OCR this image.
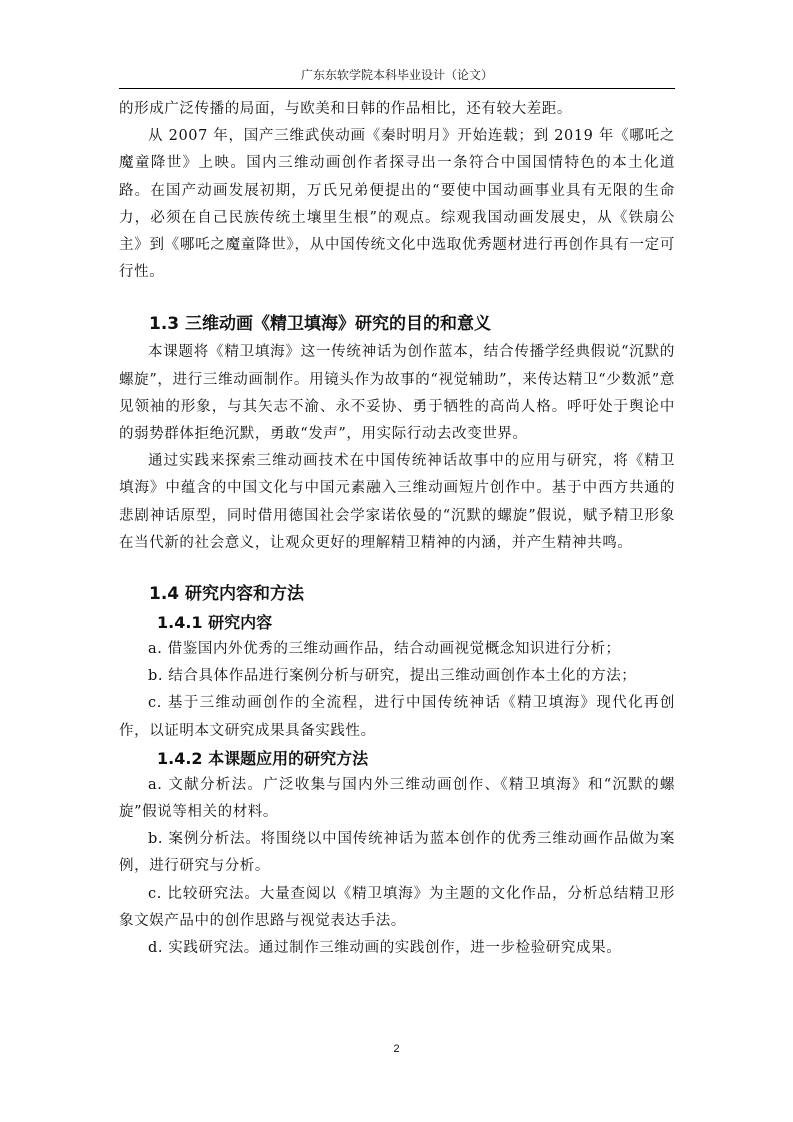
广东东软学院本科毕业设计（论文）

的形成广泛传播的局面，与欧美和日韩的作品相比，还有较大差距。

从 2007 年，国产三维武侠动画《秦时明月》开始连载；到 2019 年《哪吒之魔童降世》上映。国内三维动画创作者探寻出一条符合中国国情特色的本土化道路。在国产动画发展初期，万氏兄弟便提出的“要使中国动画事业具有无限的生命力，必须在自己民族传统土壤里生根”的观点。综观我国动画发展史，从《铁扇公主》到《哪吒之魔童降世》，从中国传统文化中选取优秀题材进行再创作具有一定可行性。

1.3 三维动画《精卫填海》研究的目的和意义

本课题将《精卫填海》这一传统神话为创作蓝本，结合传播学经典假说“沉默的螺旋”，进行三维动画制作。用镜头作为故事的“视觉辅助”，来传达精卫“少数派”意见领袖的形象，与其矢志不渝、永不妥协、勇于牺牲的高尚人格。呼吁处于舆论中的弱势群体拒绝沉默，勇敢“发声”，用实际行动去改变世界。

通过实践来探索三维动画技术在中国传统神话故事中的应用与研究，将《精卫填海》中蕴含的中国文化与中国元素融入三维动画短片创作中。基于中西方共通的悲剧神话原型，同时借用德国社会学家诺依曼的“沉默的螺旋”假说，赋予精卫形象在当代新的社会意义，让观众更好的理解精卫精神的内涵，并产生精神共鸣。

1.4 研究内容和方法
1.4.1 研究内容

a. 借鉴国内外优秀的三维动画作品，结合动画视觉概念知识进行分析；

b. 结合具体作品进行案例分析与研究，提出三维动画创作本土化的方法；

c. 基于三维动画创作的全流程，进行中国传统神话《精卫填海》现代化再创作，以证明本文研究成果具备实践性。

1.4.2 本课题应用的研究方法

a. 文献分析法。广泛收集与国内外三维动画创作、《精卫填海》和“沉默的螺旋”假说等相关的材料。

b. 案例分析法。将围绕以中国传统神话为蓝本创作的优秀三维动画作品做为案例，进行研究与分析。

c. 比较研究法。大量查阅以《精卫填海》为主题的文化作品，分析总结精卫形象文娱产品中的创作思路与视觉表达手法。

d. 实践研究法。通过制作三维动画的实践创作，进一步检验研究成果。

2
